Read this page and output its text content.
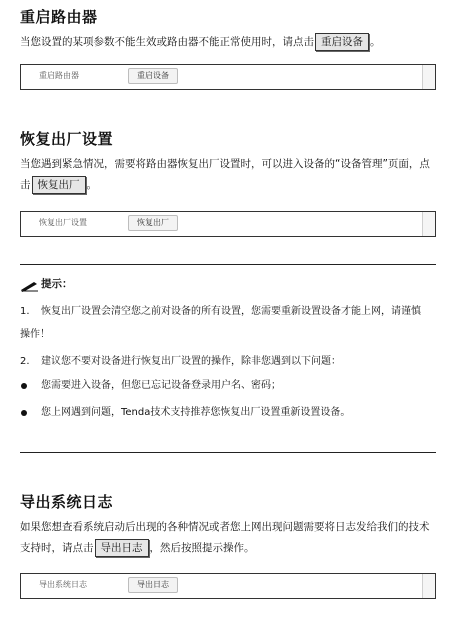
重启路由器
当您设置的某项参数不能生效或路由器不能正常使用时，请点击 重启设备 。
重启路由器	重启设备
恢复出厂设置
当您遇到紧急情况，需要将路由器恢复出厂设置时，可以进入设备的“设备管理”页面，点
击 恢复出厂 。
恢复出厂设置	恢复出厂
提示：
1. 恢复出厂设置会清空您之前对设备的所有设置，您需要重新设置设备才能上网，请谨慎
操作！
2. 建议您不要对设备进行恢复出厂设置的操作，除非您遇到以下问题：
您需要进入设备，但您已忘记设备登录用户名、密码；
您上网遇到问题，Tenda技术支持推荐您恢复出厂设置重新设置设备。
导出系统日志
如果您想查看系统启动后出现的各种情况或者您上网出现问题需要将日志发给我们的技术
支持时，请点击 导出日志 ，然后按照提示操作。
导出系统日志	导出日志
